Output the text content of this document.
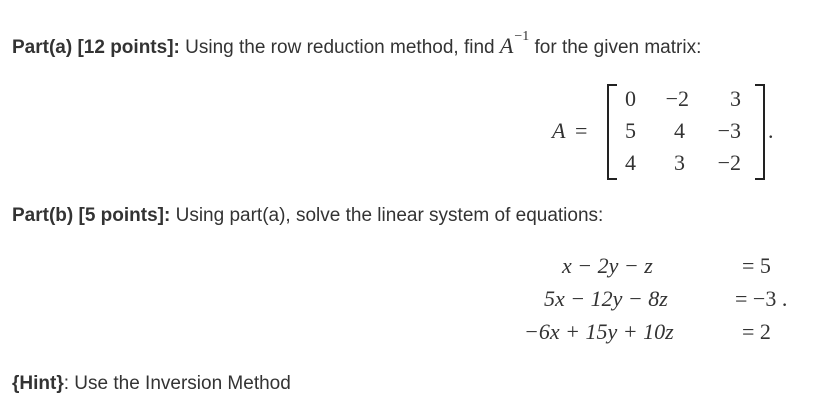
Part(a) [12 points]: Using the row reduction method, find $A^{-1}$ for the given matrix:
A =
0	−2	3
5	4	−3
4	3	−2
.
Part(b) [5 points]: Using part(a), solve the linear system of equations:
x − 2y − z	= 5
5x − 12y − 8z	= −3 .
−6x + 15y + 10z	= 2
{Hint}: Use the Inversion Method
